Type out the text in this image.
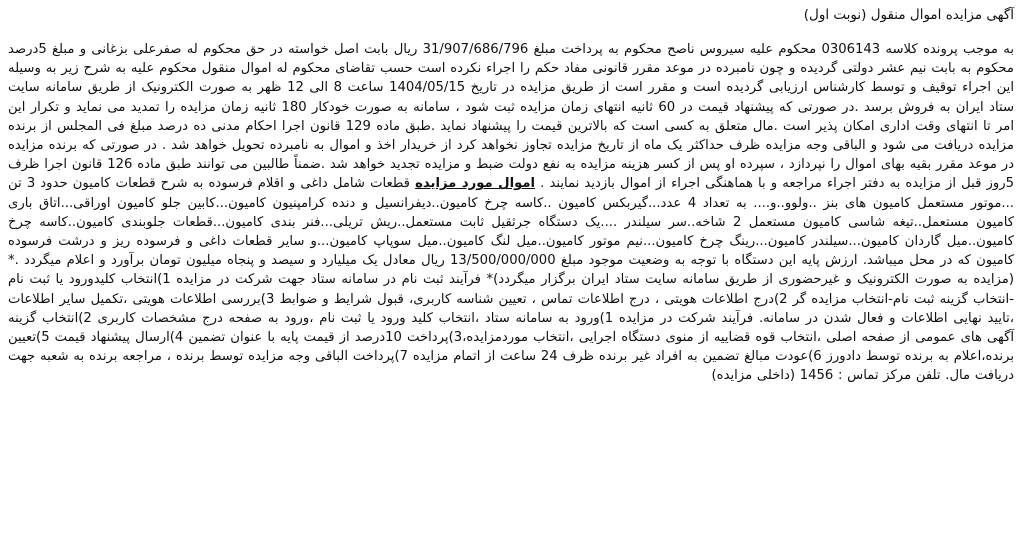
آگهی مزایده اموال منقول (نوبت اول)

به موجب پرونده کلاسه 0306143 محکوم علیه سیروس ناصح محکوم به پرداخت مبلغ 31/907/686/796 ریال بابت اصل خواسته در حق محکوم له صفرعلی بزغانی و مبلغ 5درصد محکوم به بابت نیم عشر دولتی گردیده و چون نامبرده در موعد مقرر قانونی مفاد حکم را اجراء نکرده است حسب تقاضای محکوم له اموال منقول محکوم علیه به شرح زیر به وسیله این اجراء توقیف و توسط کارشناس ارزیابی گردیده است و مقرر است از طریق مزایده در تاریخ 1404/05/15 ساعت 8 الی 12 ظهر به صورت الکترونیک از طریق سامانه سایت ستاد ایران به فروش برسد .در صورتی که پیشنهاد قیمت در 60 ثانیه انتهای زمان مزایده ثبت شود ، سامانه به صورت خودکار 180 ثانیه زمان مزایده را تمدید می نماید و تکرار این امر تا انتهای وقت اداری امکان پذیر است .مال متعلق به کسی است که بالاترین قیمت را پیشنهاد نماید .طبق ماده 129 قانون اجرا احکام مدنی ده درصد مبلغ فی المجلس از برنده مزایده دریافت می شود و الباقی وجه مزایده ظرف حداکثر یک ماه از تاریخ مزایده تجاوز نخواهد کرد از خریدار اخذ و اموال به نامبرده تحویل خواهد شد . در صورتی که برنده مزایده در موعد مقرر بقیه بهای اموال را نپردازد ، سپرده او پس از کسر هزینه مزایده به نفع دولت ضبط و مزایده تجدید خواهد شد .ضمناً طالبین می توانند طبق ماده 126 قانون اجرا ظرف 5روز قبل از مزایده به دفتر اجراء مراجعه و با هماهنگی اجراء از اموال بازدید نمایند . اموال مورد مزایده قطعات شامل داغی و اقلام فرسوده به شرح قطعات کامیون حدود 3 تن ...موتور مستعمل کامیون های بنز ..ولوو..و.... به تعداد 4 عدد...گیربکس کامیون ..کاسه چرخ کامیون..دیفرانسیل و دنده کرامپنیون کامیون...کابین جلو کامیون اوراقی...اتاق باری کامیون مستعمل..تیغه شاسی کامیون مستعمل 2 شاخه..سر سیلندر ....یک دستگاه جرثقیل ثابت مستعمل..ریش تریلی...فنر بندی کامیون...قطعات جلوبندی کامیون..کاسه چرخ کامیون..میل گاردان کامیون...سیلندر کامیون...رینگ چرخ کامیون...نیم موتور کامیون..میل لنگ کامیون..میل سوپاپ کامیون...و سایر قطعات داغی و فرسوده ریز و درشت فرسوده کامیون که در محل میباشد. ارزش پایه این دستگاه با توجه به وضعیت موجود مبلغ 13/500/000/000 ریال معادل یک میلیارد و سیصد و پنجاه میلیون تومان برآورد و اعلام میگردد .*(مزایده به صورت الکترونیک و غیرحضوری از طریق سامانه سایت ستاد ایران برگزار میگردد)* فرآیند ثبت نام در سامانه ستاد جهت شرکت در مزایده 1)انتخاب کلیدورود یا ثبت نام -انتخاب گزینه ثبت نام-انتخاب مزایده گر 2)درج اطلاعات هویتی ، درج اطلاعات تماس ، تعیین شناسه کاربری، قبول شرایط و ضوابط 3)بررسی اطلاعات هویتی ،تکمیل سایر اطلاعات ،تایید نهایی اطلاعات و فعال شدن در سامانه. فرآیند شرکت در مزایده 1)ورود به سامانه ستاد ،انتخاب کلید ورود یا ثبت نام ،ورود به صفحه درج مشخصات کاربری 2)انتخاب گزینه آگهی های عمومی از صفحه اصلی ،انتخاب قوه قضاییه از منوی دستگاه اجرایی ،انتخاب موردمزایده،3)پرداخت 10درصد از قیمت پایه با عنوان تضمین 4)ارسال پیشنهاد قیمت 5)تعیین برنده،اعلام به برنده توسط دادورز 6)عودت مبالغ تضمین به افراد غیر برنده ظرف 24 ساعت از اتمام مزایده 7)پرداخت الباقی وجه مزایده توسط برنده ، مراجعه برنده به شعبه جهت دریافت مال. تلفن مرکز تماس : 1456 (داخلی مزایده)
